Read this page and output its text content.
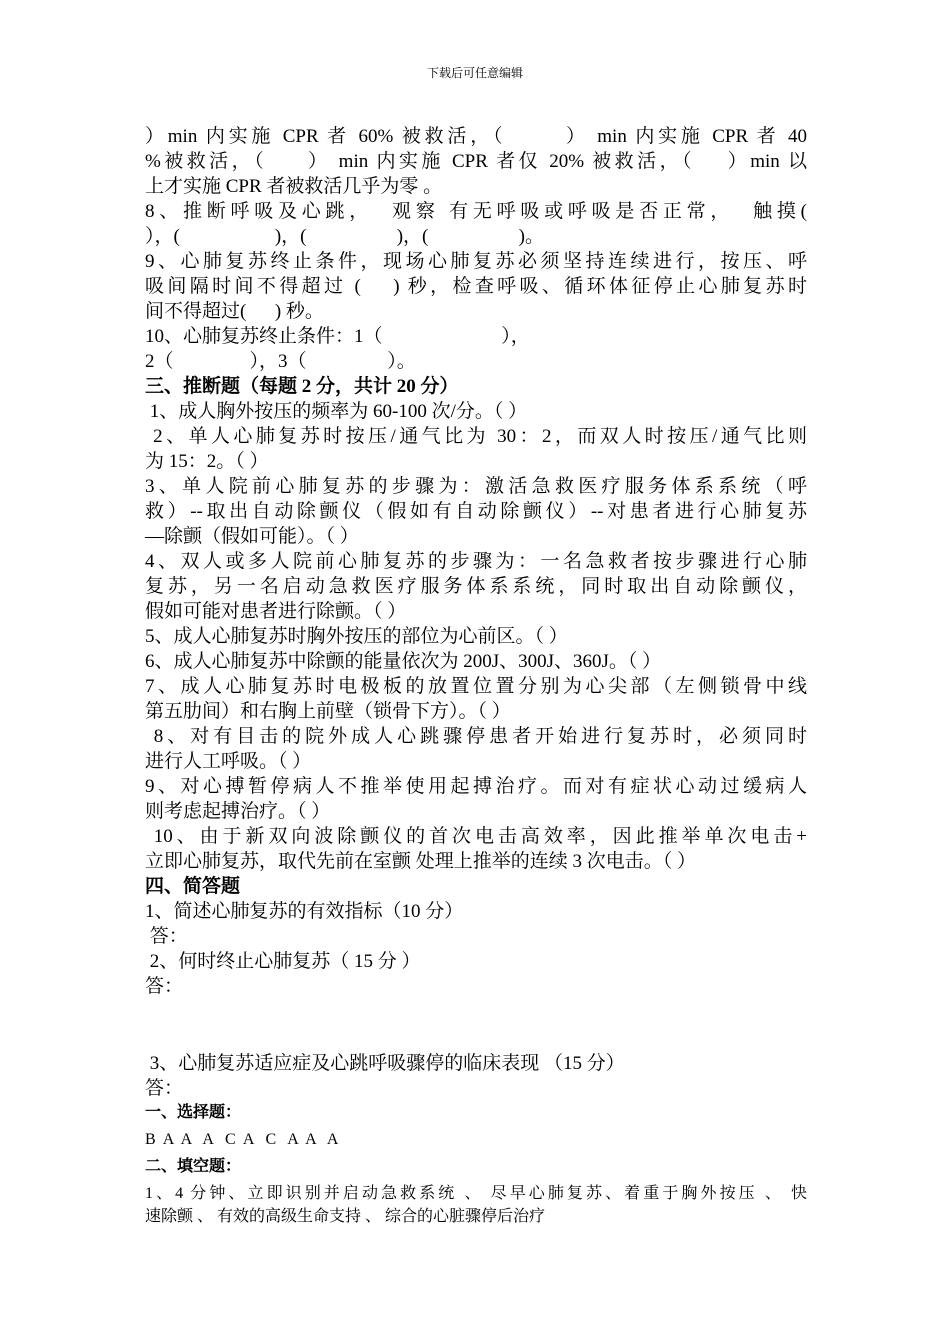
下载后可任意编辑
）min 内实施 CPR 者 60% 被救活，（       ） min 内实施 CPR 者 40
%被救活，（     ） min 内实施 CPR 者仅 20% 被救活，（    ）min 以
上才实施 CPR 者被救活几乎为零 。
8、推断呼吸及心跳，  观察 有无呼吸或呼吸是否正常，  触摸(
），(                    )，(                   )，(                   )。
9、心肺复苏终止条件，现场心肺复苏必须坚持连续进行，按压、呼
吸间隔时间不得超过 (    ) 秒，检查呼吸、循环体征停止心肺复苏时
间不得超过(      ) 秒。
10、心肺复苏终止条件：1（                         ），
2（                ），3（                 ）。
三、推断题（每题 2 分，共计 20 分）
1、成人胸外按压的频率为 60-100 次/分。（ ）
2、单人心肺复苏时按压/通气比为 30：2，而双人时按压/通气比则
为 15：2。（ ）
3、单人院前心肺复苏的步骤为：激活急救医疗服务体系系统（呼
救）--取出自动除颤仪（假如有自动除颤仪）--对患者进行心肺复苏
—除颤（假如可能）。（ ）
4、双人或多人院前心肺复苏的步骤为：一名急救者按步骤进行心肺
复苏，另一名启动急救医疗服务体系系统，同时取出自动除颤仪，
假如可能对患者进行除颤。（ ）
5、成人心肺复苏时胸外按压的部位为心前区。（ ）
6、成人心肺复苏中除颤的能量依次为 200J、300J、360J。（ ）
7、成人心肺复苏时电极板的放置位置分别为心尖部（左侧锁骨中线
第五肋间）和右胸上前壁（锁骨下方）。（ ）
8、对有目击的院外成人心跳骤停患者开始进行复苏时，必须同时
进行人工呼吸。（ ）
9、对心搏暂停病人不推举使用起搏治疗。而对有症状心动过缓病人
则考虑起搏治疗。（ ）
10、由于新双向波除颤仪的首次电击高效率，因此推举单次电击+
立即心肺复苏，取代先前在室颤 处理上推举的连续 3 次电击。（ ）
四、简答题
1、简述心肺复苏的有效指标（10 分）
答：
2、何时终止心肺复苏（ 15 分 ）
答：
3、心肺复苏适应症及心跳呼吸骤停的临床表现 （15 分）
答：
一、选择题：
B  A  A   A   C  A   C   A  A   A
二、填空题：
1、4 分钟、立即识别并启动急救系统 、 尽早心肺复苏、着重于胸外按压 、 快
速除颤 、 有效的高级生命支持 、 综合的心脏骤停后治疗
